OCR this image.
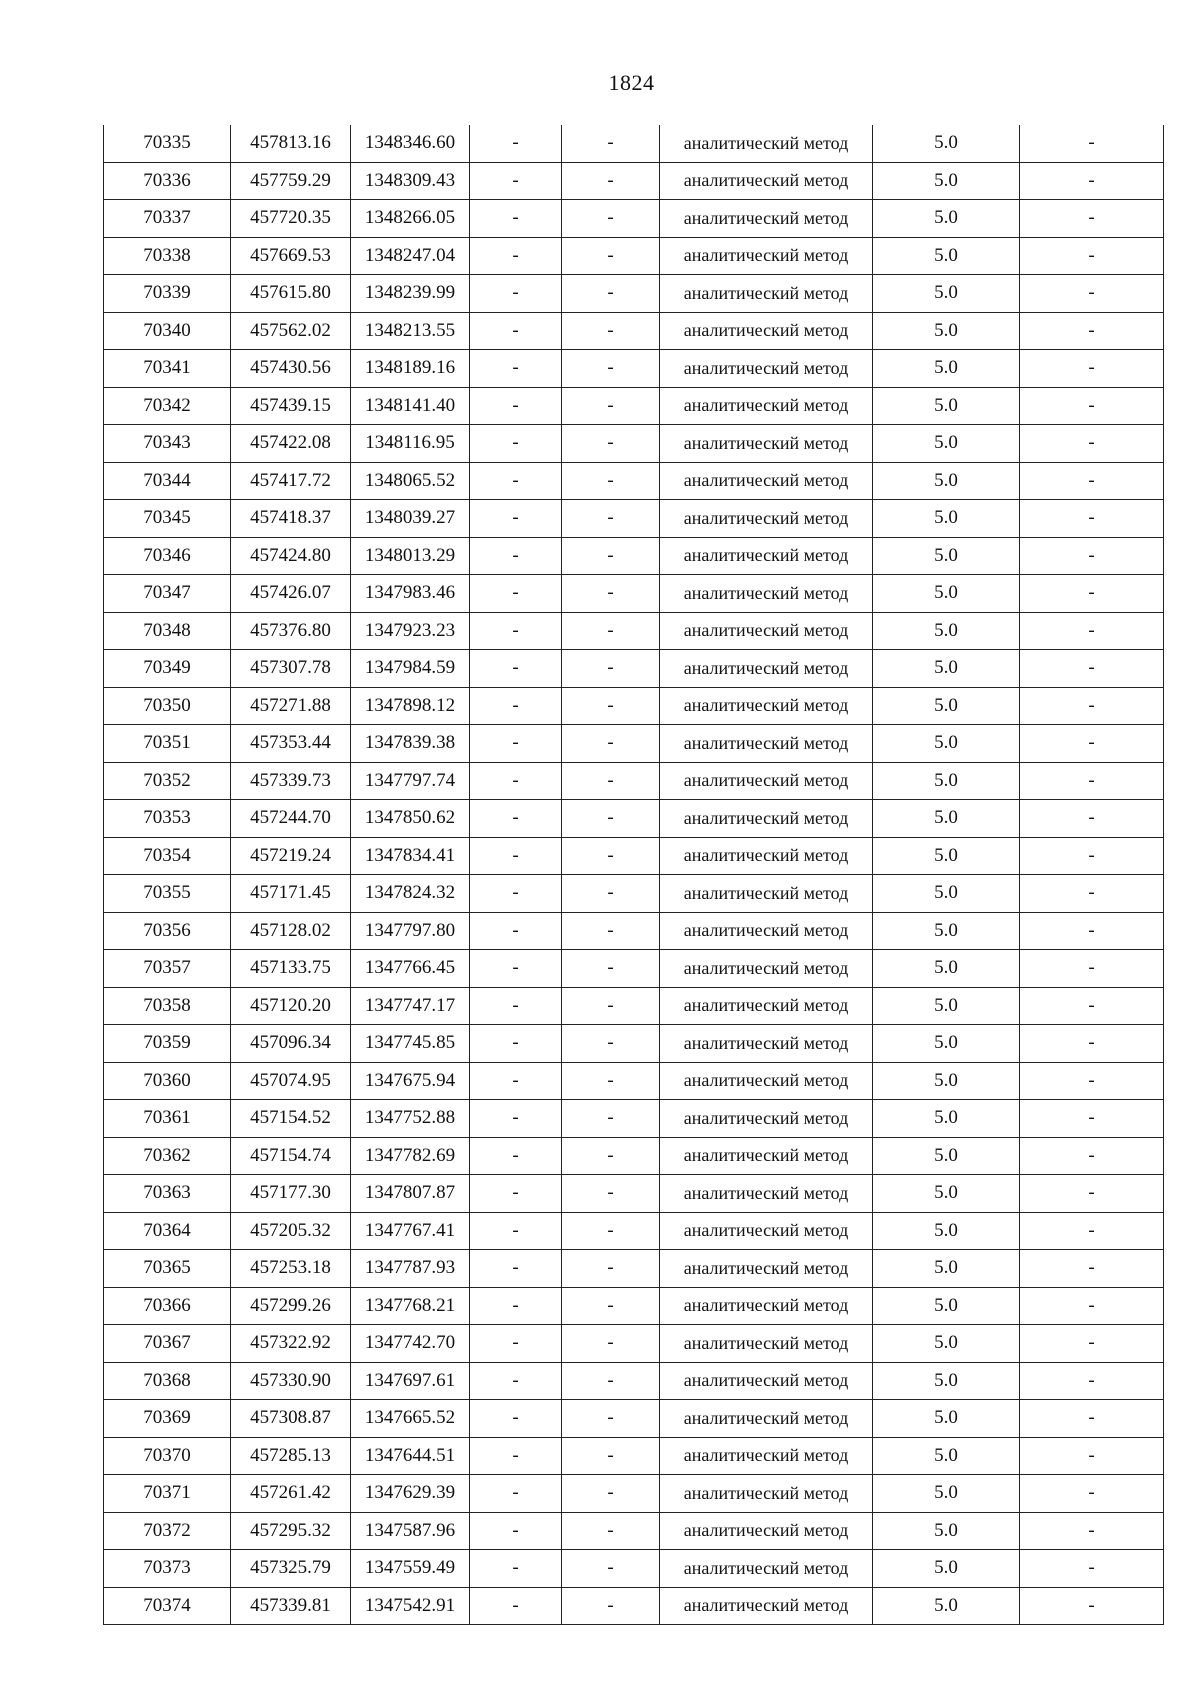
1824
70335	457813.16	1348346.60	-	-	аналитический метод	5.0	-
70336	457759.29	1348309.43	-	-	аналитический метод	5.0	-
70337	457720.35	1348266.05	-	-	аналитический метод	5.0	-
70338	457669.53	1348247.04	-	-	аналитический метод	5.0	-
70339	457615.80	1348239.99	-	-	аналитический метод	5.0	-
70340	457562.02	1348213.55	-	-	аналитический метод	5.0	-
70341	457430.56	1348189.16	-	-	аналитический метод	5.0	-
70342	457439.15	1348141.40	-	-	аналитический метод	5.0	-
70343	457422.08	1348116.95	-	-	аналитический метод	5.0	-
70344	457417.72	1348065.52	-	-	аналитический метод	5.0	-
70345	457418.37	1348039.27	-	-	аналитический метод	5.0	-
70346	457424.80	1348013.29	-	-	аналитический метод	5.0	-
70347	457426.07	1347983.46	-	-	аналитический метод	5.0	-
70348	457376.80	1347923.23	-	-	аналитический метод	5.0	-
70349	457307.78	1347984.59	-	-	аналитический метод	5.0	-
70350	457271.88	1347898.12	-	-	аналитический метод	5.0	-
70351	457353.44	1347839.38	-	-	аналитический метод	5.0	-
70352	457339.73	1347797.74	-	-	аналитический метод	5.0	-
70353	457244.70	1347850.62	-	-	аналитический метод	5.0	-
70354	457219.24	1347834.41	-	-	аналитический метод	5.0	-
70355	457171.45	1347824.32	-	-	аналитический метод	5.0	-
70356	457128.02	1347797.80	-	-	аналитический метод	5.0	-
70357	457133.75	1347766.45	-	-	аналитический метод	5.0	-
70358	457120.20	1347747.17	-	-	аналитический метод	5.0	-
70359	457096.34	1347745.85	-	-	аналитический метод	5.0	-
70360	457074.95	1347675.94	-	-	аналитический метод	5.0	-
70361	457154.52	1347752.88	-	-	аналитический метод	5.0	-
70362	457154.74	1347782.69	-	-	аналитический метод	5.0	-
70363	457177.30	1347807.87	-	-	аналитический метод	5.0	-
70364	457205.32	1347767.41	-	-	аналитический метод	5.0	-
70365	457253.18	1347787.93	-	-	аналитический метод	5.0	-
70366	457299.26	1347768.21	-	-	аналитический метод	5.0	-
70367	457322.92	1347742.70	-	-	аналитический метод	5.0	-
70368	457330.90	1347697.61	-	-	аналитический метод	5.0	-
70369	457308.87	1347665.52	-	-	аналитический метод	5.0	-
70370	457285.13	1347644.51	-	-	аналитический метод	5.0	-
70371	457261.42	1347629.39	-	-	аналитический метод	5.0	-
70372	457295.32	1347587.96	-	-	аналитический метод	5.0	-
70373	457325.79	1347559.49	-	-	аналитический метод	5.0	-
70374	457339.81	1347542.91	-	-	аналитический метод	5.0	-
